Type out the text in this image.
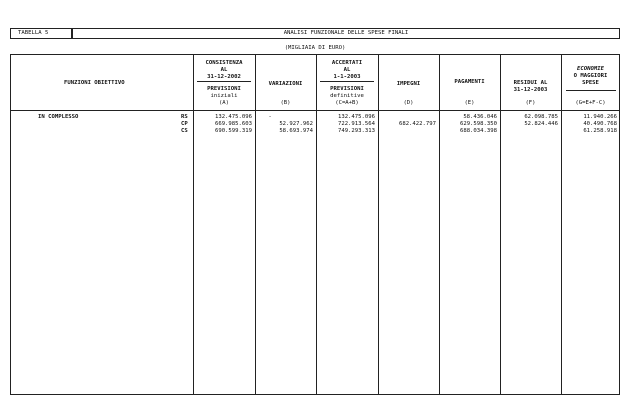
TABELLA 5	ANALISI FUNZIONALE DELLE SPESE FINALI
(MIGLIAIA DI EURO)
FUNZIONI OBIETTIVO
CONSISTENZA
AL
31-12-2002
PREVISIONI
iniziali
(A)
VARIAZIONI
(B)
ACCERTATI
AL
1-1-2003
PREVISIONI
definitive
(C=A+B)
IMPEGNI
(D)
PAGAMENTI
(E)
RESIDUI AL
31-12-2003
(F)
ECONOMIE
O MAGGIORI
SPESE
(G=E+F-C)
IN COMPLESSO	RS
CP
CS
132.475.096
669.985.603
690.599.319
-
52.927.962
58.693.974
132.475.096
722.913.564
749.293.313
682.422.797
58.436.046
629.598.350
688.034.398
62.098.785
52.824.446
11.940.266
40.490.768
61.258.918
